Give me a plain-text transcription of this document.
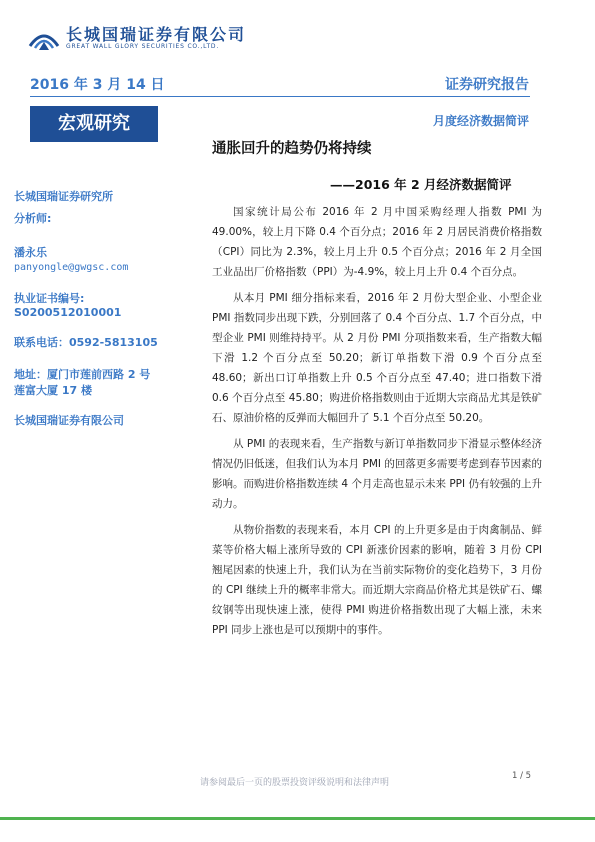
长城国瑞证券有限公司
GREAT WALL GLORY SECURITIES CO.,LTD.
2016 年 3 月 14 日	证券研究报告
宏观研究	月度经济数据简评
通胀回升的趋势仍将持续
——2016 年 2 月经济数据简评
长城国瑞证券研究所
分析师:
潘永乐
panyongle@gwgsc.com
执业证书编号:
S0200512010001
联系电话：0592-5813105
地址：厦门市莲前西路 2 号
莲富大厦 17 楼
长城国瑞证券有限公司

国家统计局公布 2016 年 2 月中国采购经理人指数 PMI 为 49.00%，较上月下降 0.4 个百分点；2016 年 2 月居民消费价格指数（CPI）同比为 2.3%，较上月上升 0.5 个百分点；2016 年 2 月全国工业品出厂价格指数（PPI）为-4.9%，较上月上升 0.4 个百分点。

从本月 PMI 细分指标来看，2016 年 2 月份大型企业、小型企业 PMI 指数同步出现下跌，分别回落了 0.4 个百分点、1.7 个百分点，中型企业 PMI 则维持持平。从 2 月份 PMI 分项指数来看，生产指数大幅下滑 1.2 个百分点至 50.20；新订单指数下滑 0.9 个百分点至 48.60；新出口订单指数上升 0.5 个百分点至 47.40；进口指数下滑 0.6 个百分点至 45.80；购进价格指数则由于近期大宗商品尤其是铁矿石、原油价格的反弹而大幅回升了 5.1 个百分点至 50.20。

从 PMI 的表现来看，生产指数与新订单指数同步下滑显示整体经济情况仍旧低迷，但我们认为本月 PMI 的回落更多需要考虑到春节因素的影响。而购进价格指数连续 4 个月走高也显示未来 PPI 仍有较强的上升动力。

从物价指数的表现来看，本月 CPI 的上升更多是由于肉禽制品、鲜菜等价格大幅上涨所导致的 CPI 新涨价因素的影响，随着 3 月份 CPI 翘尾因素的快速上升，我们认为在当前实际物价的变化趋势下，3 月份的 CPI 继续上升的概率非常大。而近期大宗商品价格尤其是铁矿石、螺纹钢等出现快速上涨，使得 PMI 购进价格指数出现了大幅上涨，未来 PPI 同步上涨也是可以预期中的事件。

请参阅最后一页的股票投资评级说明和法律声明
1 / 5
